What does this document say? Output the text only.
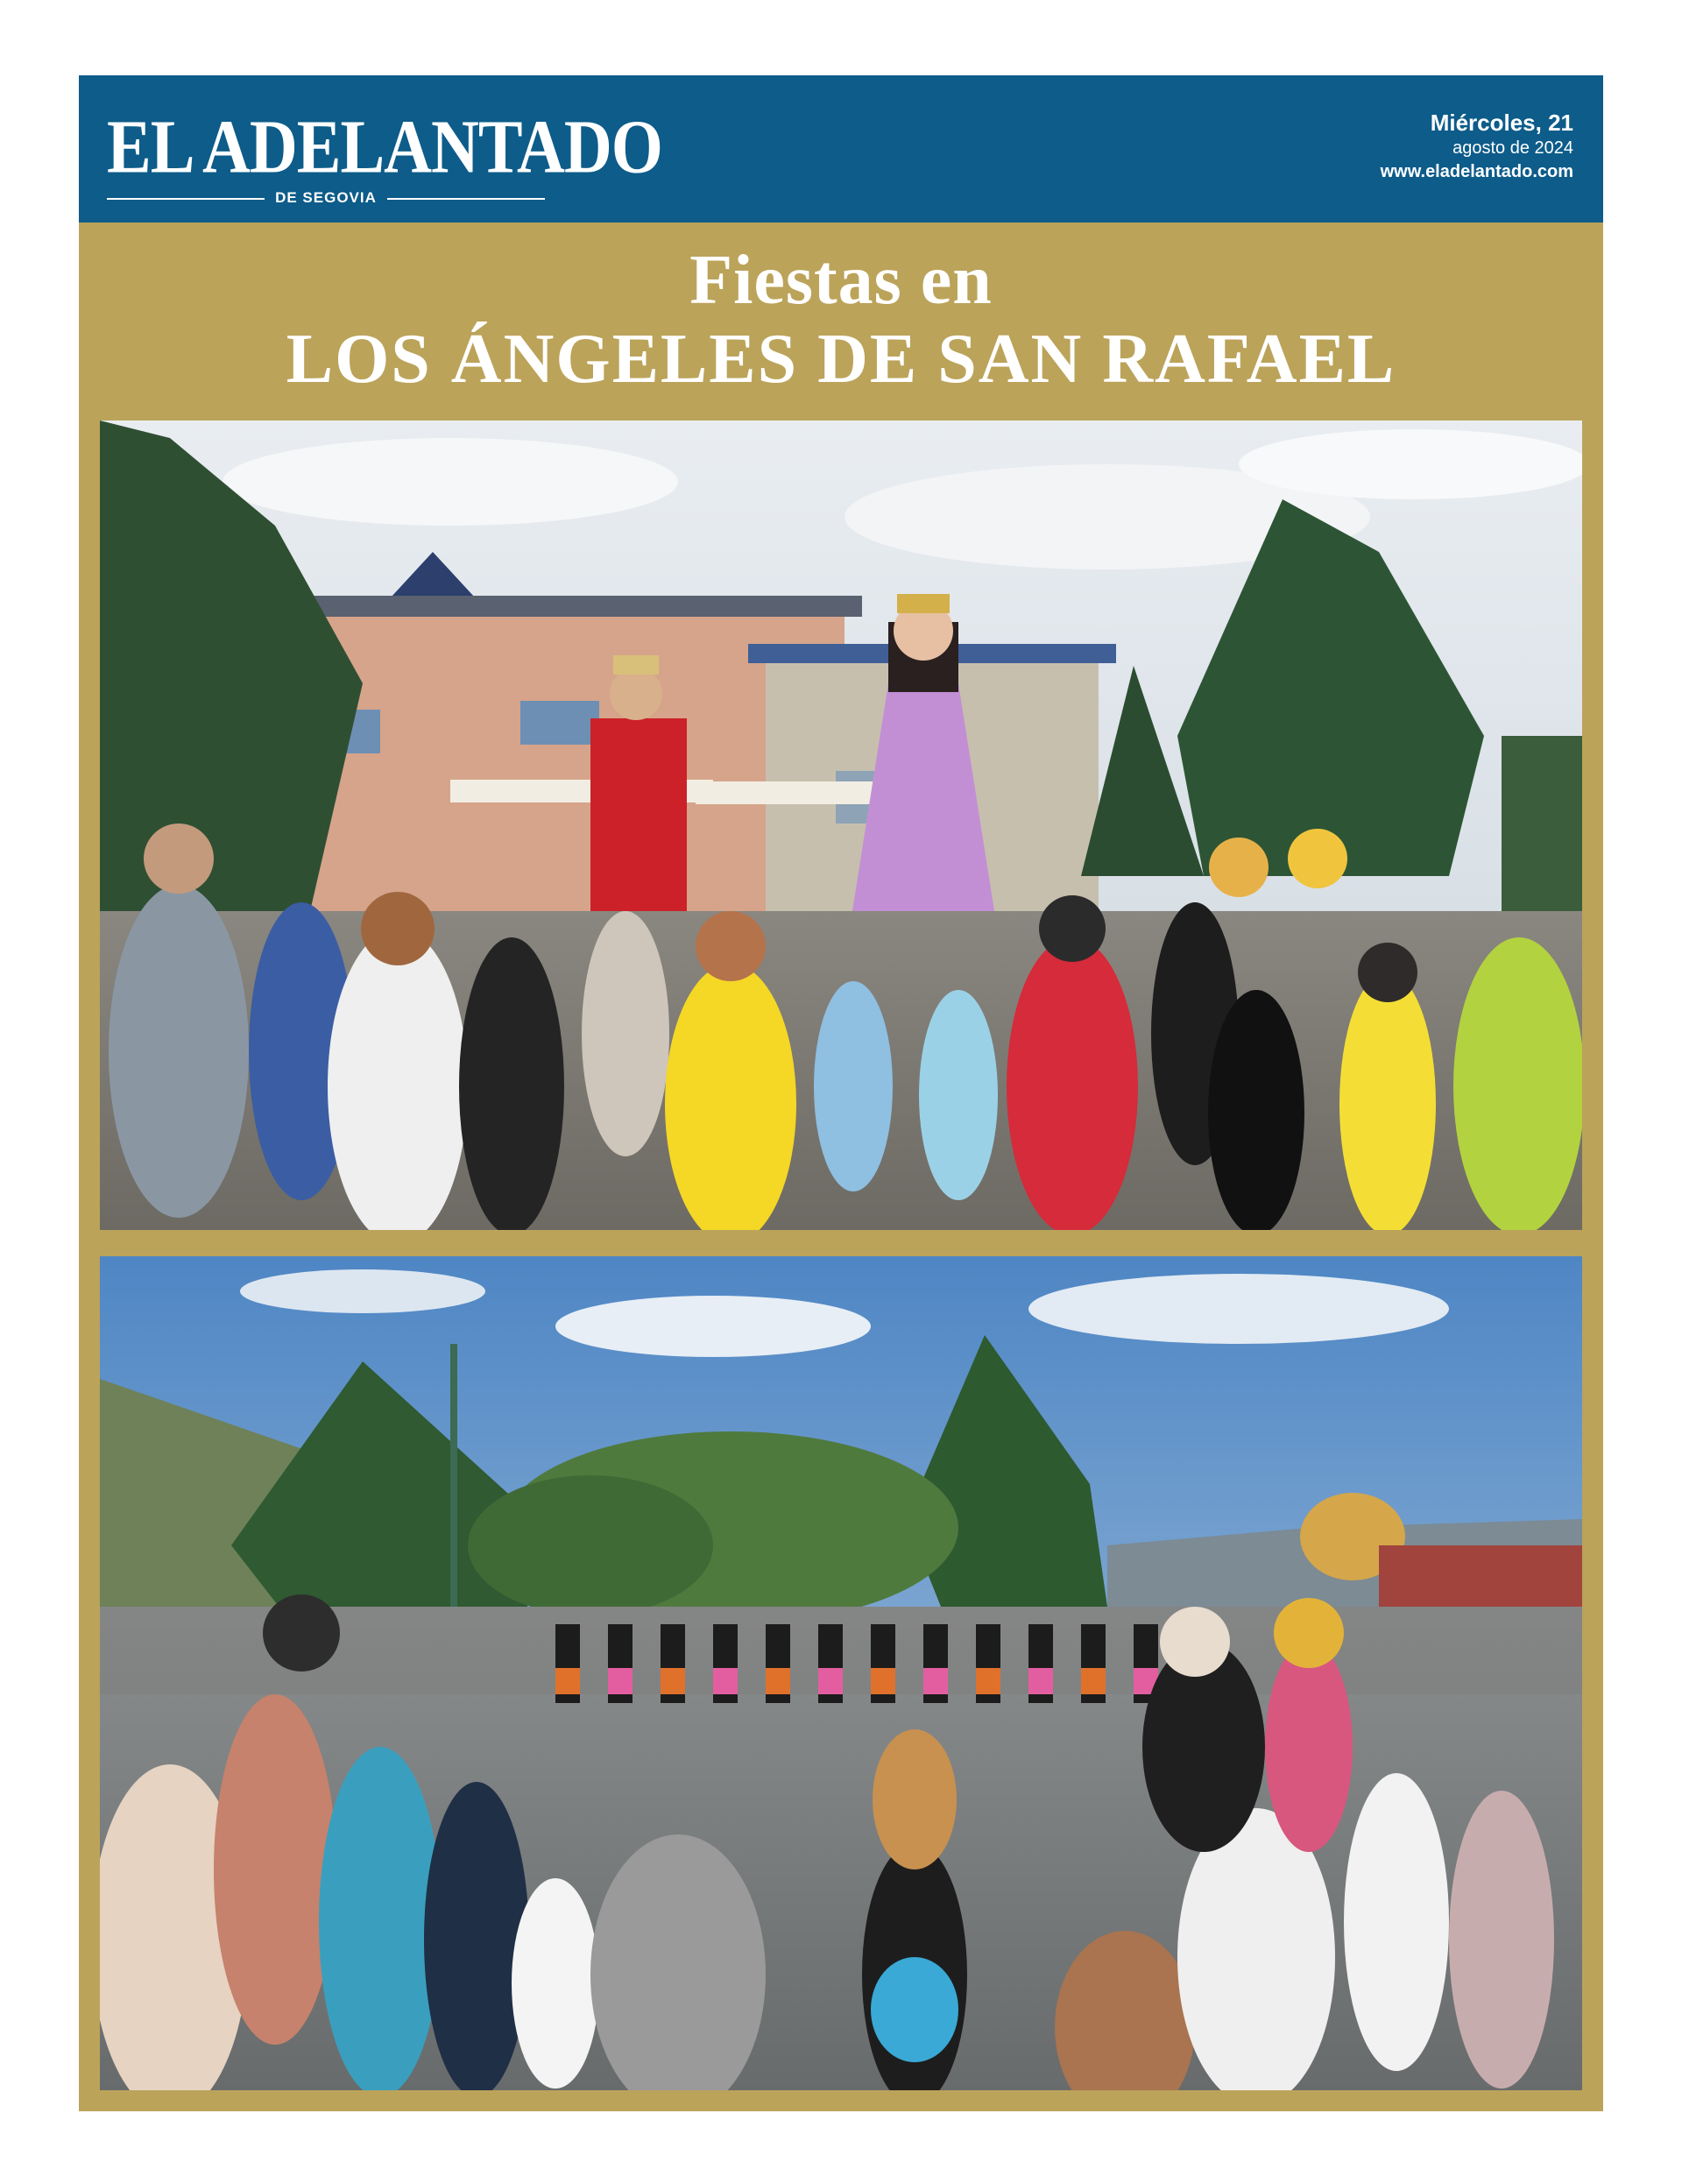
EL ADELANTADO
DE SEGOVIA
Miércoles, 21
agosto de 2024
www.eladelantado.com
Fiestas en
LOS ÁNGELES DE SAN RAFAEL
